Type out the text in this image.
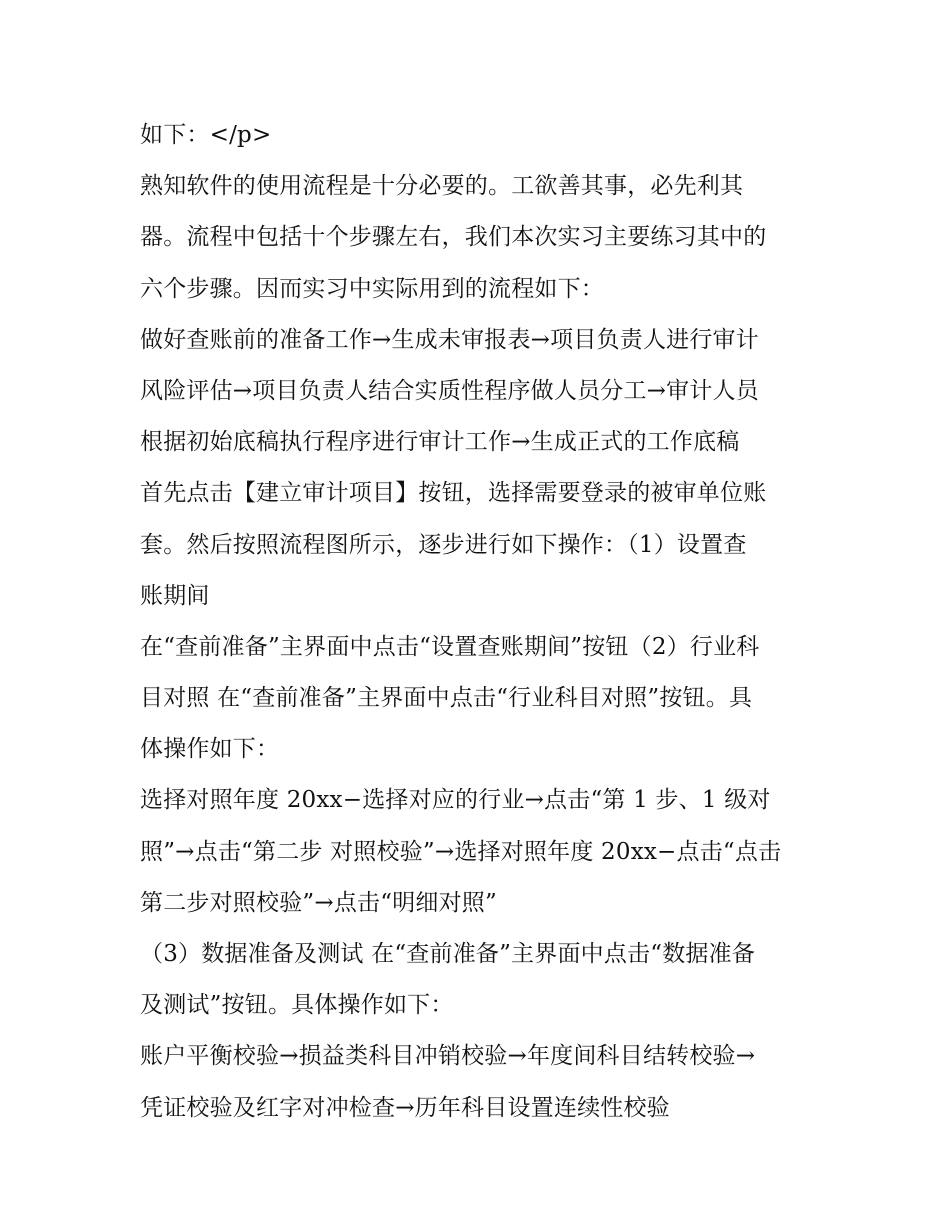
如下：</p>
熟知软件的使用流程是十分必要的。工欲善其事，必先利其
器。流程中包括十个步骤左右，我们本次实习主要练习其中的
六个步骤。因而实习中实际用到的流程如下：
做好查账前的准备工作→生成未审报表→项目负责人进行审计
风险评估→项目负责人结合实质性程序做人员分工→审计人员
根据初始底稿执行程序进行审计工作→生成正式的工作底稿
首先点击【建立审计项目】按钮，选择需要登录的被审单位账
套。然后按照流程图所示，逐步进行如下操作：（1）设置查
账期间
在“查前准备”主界面中点击“设置查账期间”按钮（2）行业科
目对照 在“查前准备”主界面中点击“行业科目对照”按钮。具
体操作如下：
选择对照年度 20xx−选择对应的行业→点击“第 1 步、1 级对
照”→点击“第二步 对照校验”→选择对照年度 20xx−点击“点击
第二步对照校验”→点击“明细对照”
（3）数据准备及测试 在“查前准备”主界面中点击“数据准备
及测试”按钮。具体操作如下：
账户平衡校验→损益类科目冲销校验→年度间科目结转校验→
凭证校验及红字对冲检查→历年科目设置连续性校验
